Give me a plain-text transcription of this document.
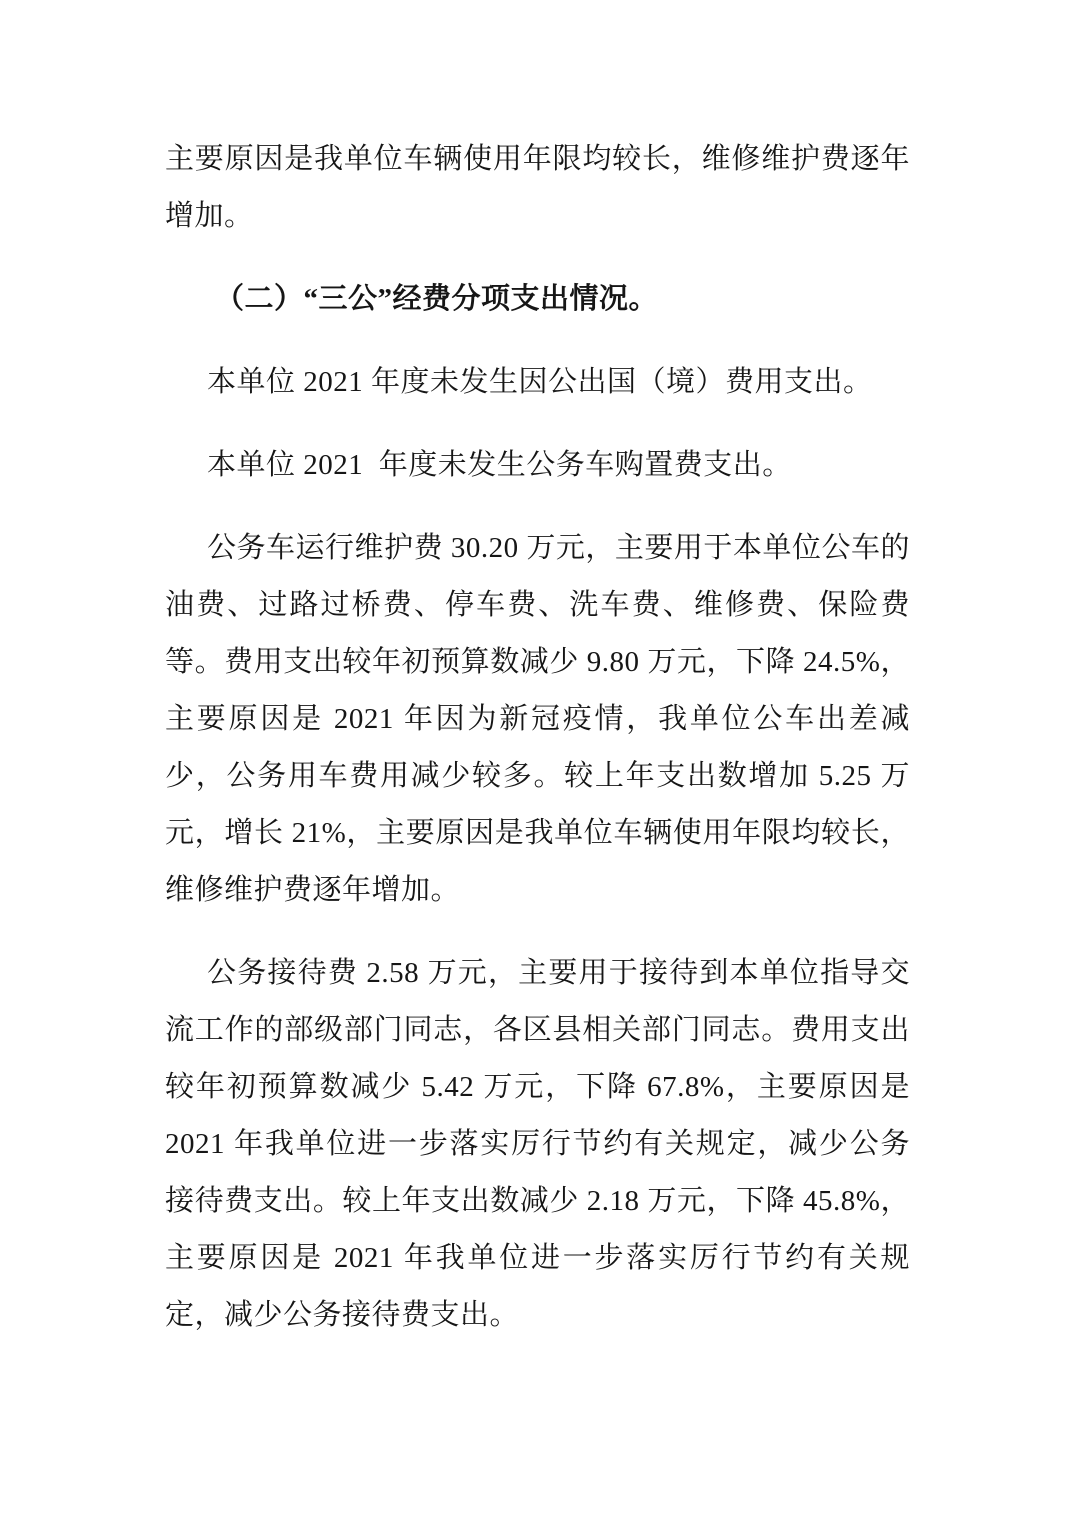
主要原因是我单位车辆使用年限均较长，维修维护费逐年增加。

（二）“三公”经费分项支出情况。

本单位 2021 年度未发生因公出国（境）费用支出。

本单位 2021  年度未发生公务车购置费支出。

公务车运行维护费 30.20 万元，主要用于本单位公车的油费、过路过桥费、停车费、洗车费、维修费、保险费等。费用支出较年初预算数减少 9.80 万元，下降 24.5%，主要原因是 2021 年因为新冠疫情，我单位公车出差减少，公务用车费用减少较多。较上年支出数增加 5.25 万元，增长 21%，主要原因是我单位车辆使用年限均较长，维修维护费逐年增加。

公务接待费 2.58 万元，主要用于接待到本单位指导交流工作的部级部门同志，各区县相关部门同志。费用支出较年初预算数减少 5.42 万元，下降 67.8%，主要原因是 2021 年我单位进一步落实厉行节约有关规定，减少公务接待费支出。较上年支出数减少 2.18 万元，下降 45.8%，主要原因是 2021 年我单位进一步落实厉行节约有关规定，减少公务接待费支出。
